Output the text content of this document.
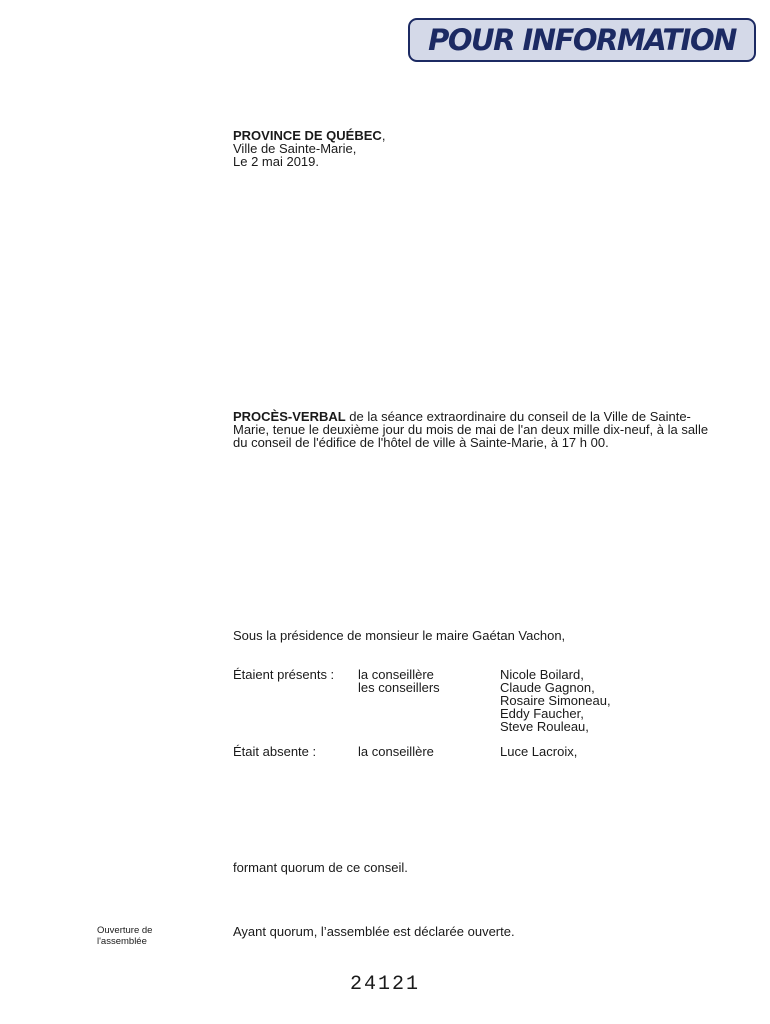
POUR INFORMATION
PROVINCE DE QUÉBEC,
Ville de Sainte-Marie,
Le 2 mai 2019.
PROCÈS-VERBAL de la séance extraordinaire du conseil de la Ville de Sainte-
Marie, tenue le deuxième jour du mois de mai de l'an deux mille dix-neuf, à la salle
du conseil de l'édifice de l'hôtel de ville à Sainte-Marie, à 17 h 00.
Sous la présidence de monsieur le maire Gaétan Vachon,
Étaient présents : la conseillère
les conseillers
Nicole Boilard,
Claude Gagnon,
Rosaire Simoneau,
Eddy Faucher,
Steve Rouleau,
Était absente :	la conseillère	Luce Lacroix,
formant quorum de ce conseil.
Ouverture de
l'assemblée
Ayant quorum, l’assemblée est déclarée ouverte.
24121
